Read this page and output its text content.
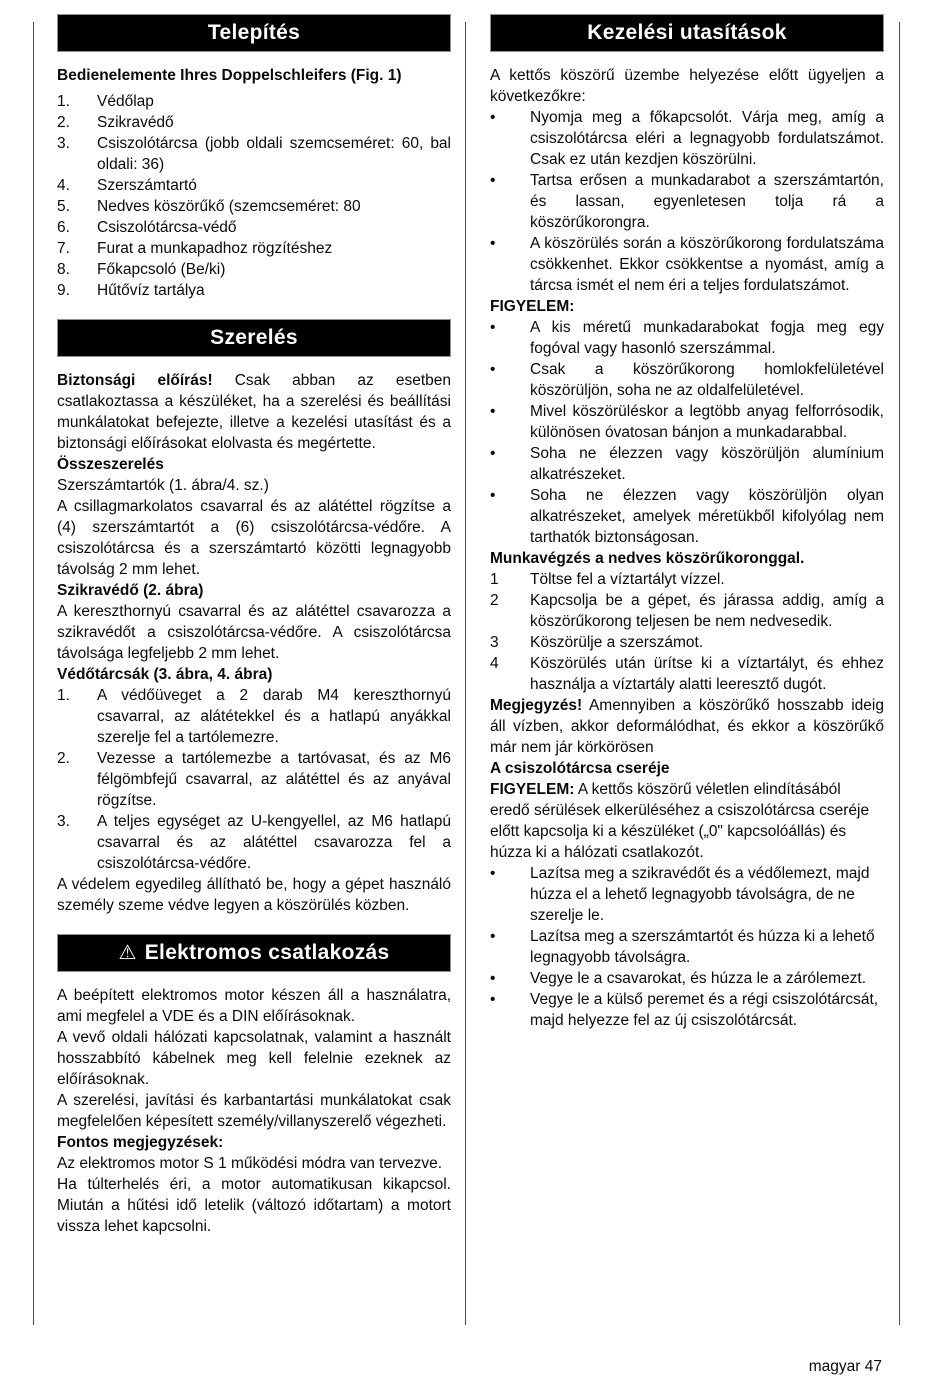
Telepítés
Bedienelemente Ihres Doppelschleifers (Fig. 1)
1.	Védőlap
2.	Szikravédő
3.	Csiszolótárcsa (jobb oldali szemcseméret: 60, bal oldali: 36)
4.	Szerszámtartó
5.	Nedves köszörűkő (szemcseméret: 80
6.	Csiszolótárcsa-védő
7.	Furat a munkapadhoz rögzítéshez
8.	Főkapcsoló (Be/ki)
9.	Hűtővíz tartálya
Szerelés

Biztonsági előírás! Csak abban az esetben csatlakoztassa a készüléket, ha a szerelési és beállítási munkálatokat befejezte, illetve a kezelési utasítást és a biztonsági előírásokat elolvasta és megértette.

Összeszerelés

Szerszámtartók (1. ábra/4. sz.)

A csillagmarkolatos csavarral és az alátéttel rögzítse a (4) szerszámtartót a (6) csiszolótárcsa-védőre. A csiszolótárcsa és a szerszámtartó közötti legnagyobb távolság 2 mm lehet.

Szikravédő (2. ábra)

A kereszthornyú csavarral és az alátéttel csavarozza a szikravédőt a csiszolótárcsa-védőre. A csiszolótárcsa távolsága legfeljebb 2 mm lehet.

Védőtárcsák (3. ábra, 4. ábra)
1.	A védőüveget a 2 darab M4 kereszthornyú csavarral, az alátétekkel és a hatlapú anyákkal szerelje fel a tartólemezre.
2.	Vezesse a tartólemezbe a tartóvasat, és az M6 félgömbfejű csavarral, az alátéttel és az anyával rögzítse.
3.	A teljes egységet az U-kengyellel, az M6 hatlapú csavarral és az alátéttel csavarozza fel a csiszolótárcsa-védőre.

A védelem egyedileg állítható be, hogy a gépet használó személy szeme védve legyen a köszörülés közben.

⚠ Elektromos csatlakozás

A beépített elektromos motor készen áll a használatra, ami megfelel a VDE és a DIN előírásoknak.

A vevő oldali hálózati kapcsolatnak, valamint a használt hosszabbító kábelnek meg kell felelnie ezeknek az előírásoknak.

A szerelési, javítási és karbantartási munkálatokat csak megfelelően képesített személy/villanyszerelő végezheti.

Fontos megjegyzések:

Az elektromos motor S 1 működési módra van tervezve.

Ha túlterhelés éri, a motor automatikusan kikapcsol. Miután a hűtési idő letelik (változó időtartam) a motort vissza lehet kapcsolni.

Kezelési utasítások

A kettős köszörű üzembe helyezése előtt ügyeljen a következőkre:

•	Nyomja meg a főkapcsolót. Várja meg, amíg a csiszolótárcsa eléri a legnagyobb fordulatszámot. Csak ez után kezdjen köszörülni.
•	Tartsa erősen a munkadarabot a szerszámtartón, és lassan, egyenletesen tolja rá a köszörűkorongra.
•	A köszörülés során a köszörűkorong fordulatszáma csökkenhet. Ekkor csökkentse a nyomást, amíg a tárcsa ismét el nem éri a teljes fordulatszámot.
FIGYELEM:
•	A kis méretű munkadarabokat fogja meg egy fogóval vagy hasonló szerszámmal.
•	Csak a köszörűkorong homlokfelületével köszörüljön, soha ne az oldalfelületével.
•	Mivel köszörüléskor a legtöbb anyag felforrósodik, különösen óvatosan bánjon a munkadarabbal.
•	Soha ne élezzen vagy köszörüljön alumínium alkatrészeket.
•	Soha ne élezzen vagy köszörüljön olyan alkatrészeket, amelyek méretükből kifolyólag nem tarthatók biztonságosan.
Munkavégzés a nedves köszörűkoronggal.
1	Töltse fel a víztartályt vízzel.
2	Kapcsolja be a gépet, és járassa addig, amíg a köszörűkorong teljesen be nem nedvesedik.
3	Köszörülje a szerszámot.
4	Köszörülés után ürítse ki a víztartályt, és ehhez használja a víztartály alatti leeresztő dugót.

Megjegyzés! Amennyiben a köszörűkő hosszabb ideig áll vízben, akkor deformálódhat, és ekkor a köszörűkő már nem jár körkörösen

A csiszolótárcsa cseréje

FIGYELEM: A kettős köszörű véletlen elindításából eredő sérülések elkerüléséhez a csiszolótárcsa cseréje előtt kapcsolja ki a készüléket („0" kapcsolóállás) és húzza ki a hálózati csatlakozót.

•	Lazítsa meg a szikravédőt és a védőlemezt, majd húzza el a lehető legnagyobb távolságra, de ne szerelje le.
•	Lazítsa meg a szerszámtartót és húzza ki a lehető legnagyobb távolságra.
•	Vegye le a csavarokat, és húzza le a zárólemezt.
•	Vegye le a külső peremet és a régi csiszolótárcsát, majd helyezze fel az új csiszolótárcsát.
magyar 47
